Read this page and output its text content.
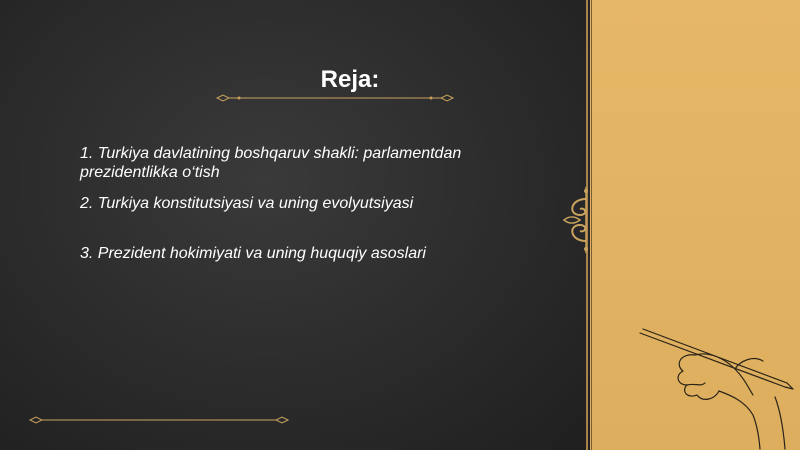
Reja:
1. Turkiya davlatining boshqaruv shakli: parlamentdan prezidentlikka o‘tish
2. Turkiya konstitutsiyasi va uning evolyutsiyasi
3. Prezident hokimiyati va uning huquqiy asoslari
